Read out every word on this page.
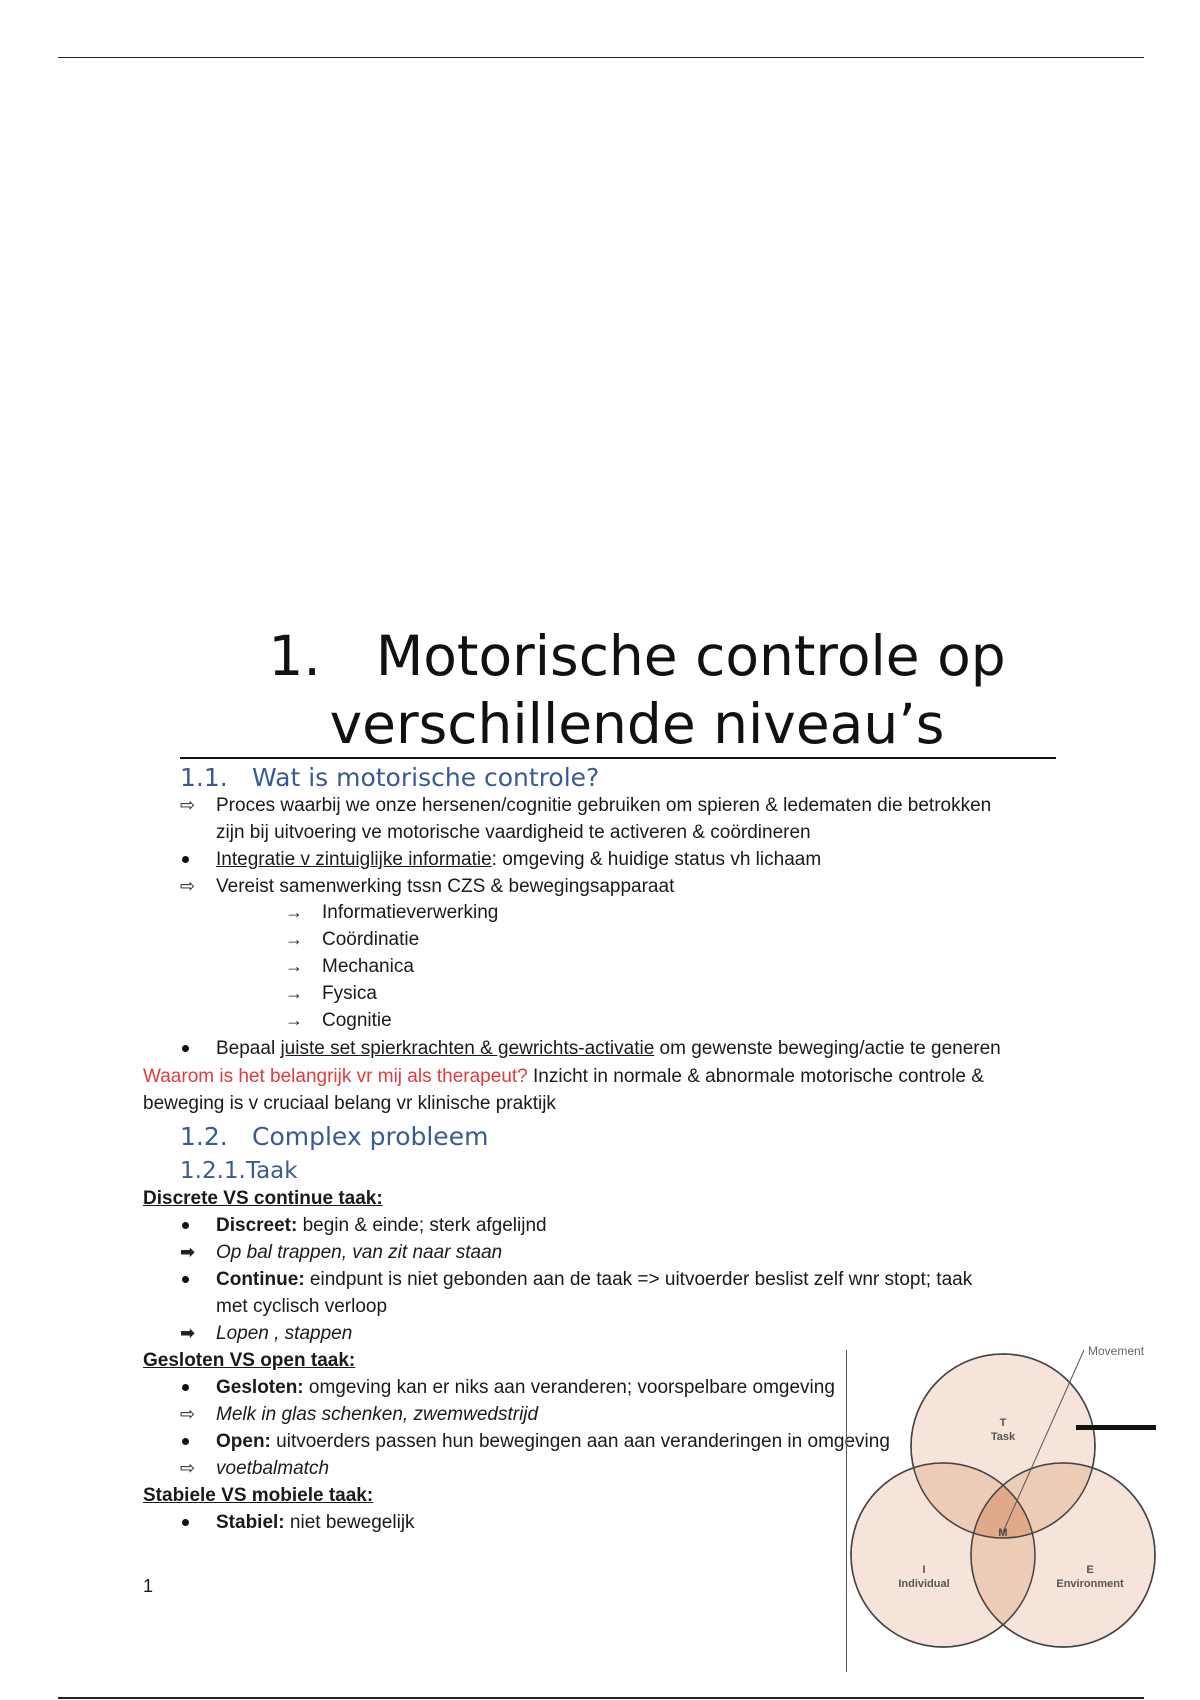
1. Motorische controle op
verschillende niveau’s
1.1. Wat is motorische controle?
⇨ Proces waarbij we onze hersenen/cognitie gebruiken om spieren & ledematen die betrokken
zijn bij uitvoering ve motorische vaardigheid te activeren & coördineren
Integratie v zintuiglijke informatie: omgeving & huidige status vh lichaam
⇨ Vereist samenwerking tssn CZS & bewegingsapparaat
→ Informatieverwerking
→ Coördinatie
→ Mechanica
→ Fysica
→ Cognitie
Bepaal juiste set spierkrachten & gewrichts-activatie om gewenste beweging/actie te generen
Waarom is het belangrijk vr mij als therapeut? Inzicht in normale & abnormale motorische controle &
beweging is v cruciaal belang vr klinische praktijk
1.2. Complex probleem
1.2.1.Taak
Discrete VS continue taak:
Discreet: begin & einde; sterk afgelijnd
➡ Op bal trappen, van zit naar staan
Continue: eindpunt is niet gebonden aan de taak => uitvoerder beslist zelf wnr stopt; taak
met cyclisch verloop
➡ Lopen , stappen
Gesloten VS open taak:
Gesloten: omgeving kan er niks aan veranderen; voorspelbare omgeving
⇨ Melk in glas schenken, zwemwedstrijd
Open: uitvoerders passen hun bewegingen aan aan veranderingen in omgeving
⇨ voetbalmatch
Stabiele VS mobiele taak:
Stabiel: niet bewegelijk
1
Movement
T
Task
I
Individual
E
Environment
M
